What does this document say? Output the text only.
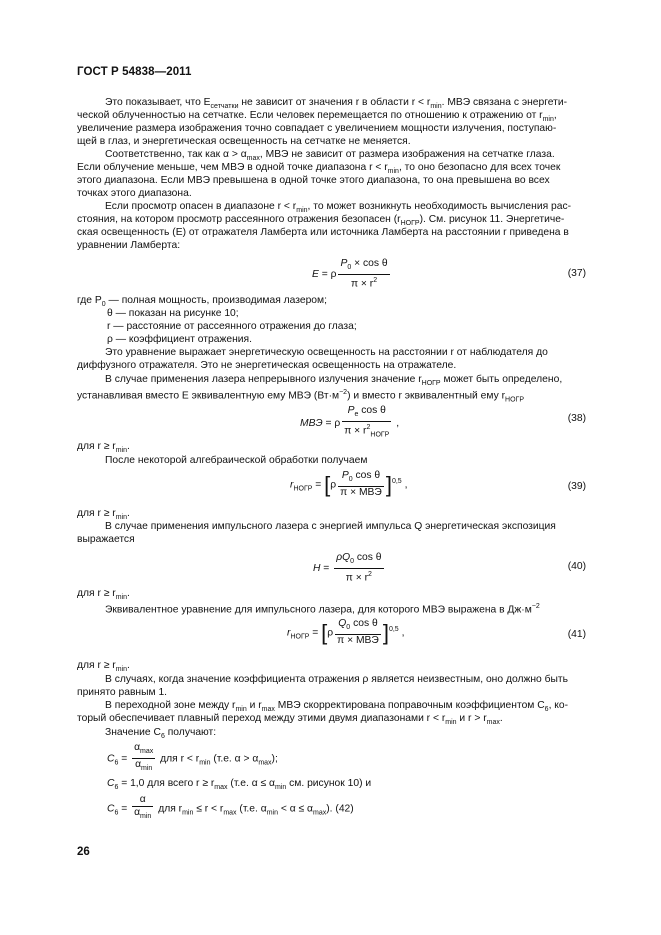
ГОСТ Р 54838—2011
Это показывает, что $E_{сетчатки}$ не зависит от значения r в области $r < r_{min}$. МВЭ связана с энергети-
ческой облученностью на сетчатке. Если человек перемещается по отношению к отражению от $r_{min}$,
увеличение размера изображения точно совпадает с увеличением мощности излучения, поступаю-
щей в глаз, и энергетическая освещенность на сетчатке не меняется.
Соответственно, так как $\alpha > \alpha_{max}$, МВЭ не зависит от размера изображения на сетчатке глаза.
Если облучение меньше, чем МВЭ в одной точке диапазона $r < r_{min}$, то оно безопасно для всех точек
этого диапазона. Если МВЭ превышена в одной точке этого диапазона, то она превышена во всех
точках этого диапазона.
Если просмотр опасен в диапазоне $r < r_{min}$, то может возникнуть необходимость вычисления рас-
стояния, на котором просмотр рассеянного отражения безопасен $(r_{НОГР})$. См. рисунок 11. Энергетиче-
ская освещенность (E) от отражателя Ламберта или источника Ламберта на расстоянии r приведена в
уравнении Ламберта:
E = ρ $\frac{P_0 \times \cos \theta}{\pi \times r^2}$	(37)
где $P_0$ — полная мощность, производимая лазером;
θ — показан на рисунке 10;
r — расстояние от рассеянного отражения до глаза;
ρ — коэффициент отражения.
Это уравнение выражает энергетическую освещенность на расстоянии r от наблюдателя до
диффузного отражателя. Это не энергетическая освещенность на отражателе.
В случае применения лазера непрерывного излучения значение $r_{НОГР}$ может быть определено,
устанавливая вместо E эквивалентную ему МВЭ $(Вт\cdot м^{-2})$ и вместо r эквивалентный ему $r_{НОГР}$
МВЭ = ρ $\frac{P_e \cos \theta}{\pi \times r^2_{НОГР}}$ ,	(38)
для $r \ge r_{min}$.
После некоторой алгебраической обработки получаем
$r_{НОГР} = [\rho \frac{P_0 \cos \theta}{\text{π × МВЭ}} ]^{0,5}$ ,	(39)
для $r \ge r_{min}$.
В случае применения импульсного лазера с энергией импульса Q энергетическая экспозиция
выражается
$H = \frac{\rho Q_0 \cos \theta}{\pi \times r^2}$	(40)
для $r \ge r_{min}$.
Эквивалентное уравнение для импульсного лазера, для которого МВЭ выражена в $Дж\cdot м^{-2}$
$r_{НОГР} = [\rho \frac{Q_0 \cos \theta}{\text{π × МВЭ}} ]^{0,5}$ ,	(41)
для $r \ge r_{min}$.
В случаях, когда значение коэффициента отражения ρ является неизвестным, оно должно быть
принято равным 1.
В переходной зоне между $r_{min}$ и $r_{max}$ МВЭ скорректирована поправочным коэффициентом $C_6$, ко-
торый обеспечивает плавный переход между этими двумя диапазонами $r < r_{min}$ и $r > r_{max}$.
Значение $C_6$ получают:
$C_6 = \frac{\alpha_{max}}{\alpha_{min}}$ для $r < r_{min}$ (т.е. $\alpha > \alpha_{max}$);
$C_6 = 1,0$ для всего $r \ge r_{max}$ (т.е. $\alpha \le \alpha_{min}$ см. рисунок 10) и
$C_6 = \frac{\alpha}{\alpha_{min}}$ для $r_{min} \le r < r_{max}$ (т.е. $\alpha_{min} < \alpha \le \alpha_{max}$). (42)
26
